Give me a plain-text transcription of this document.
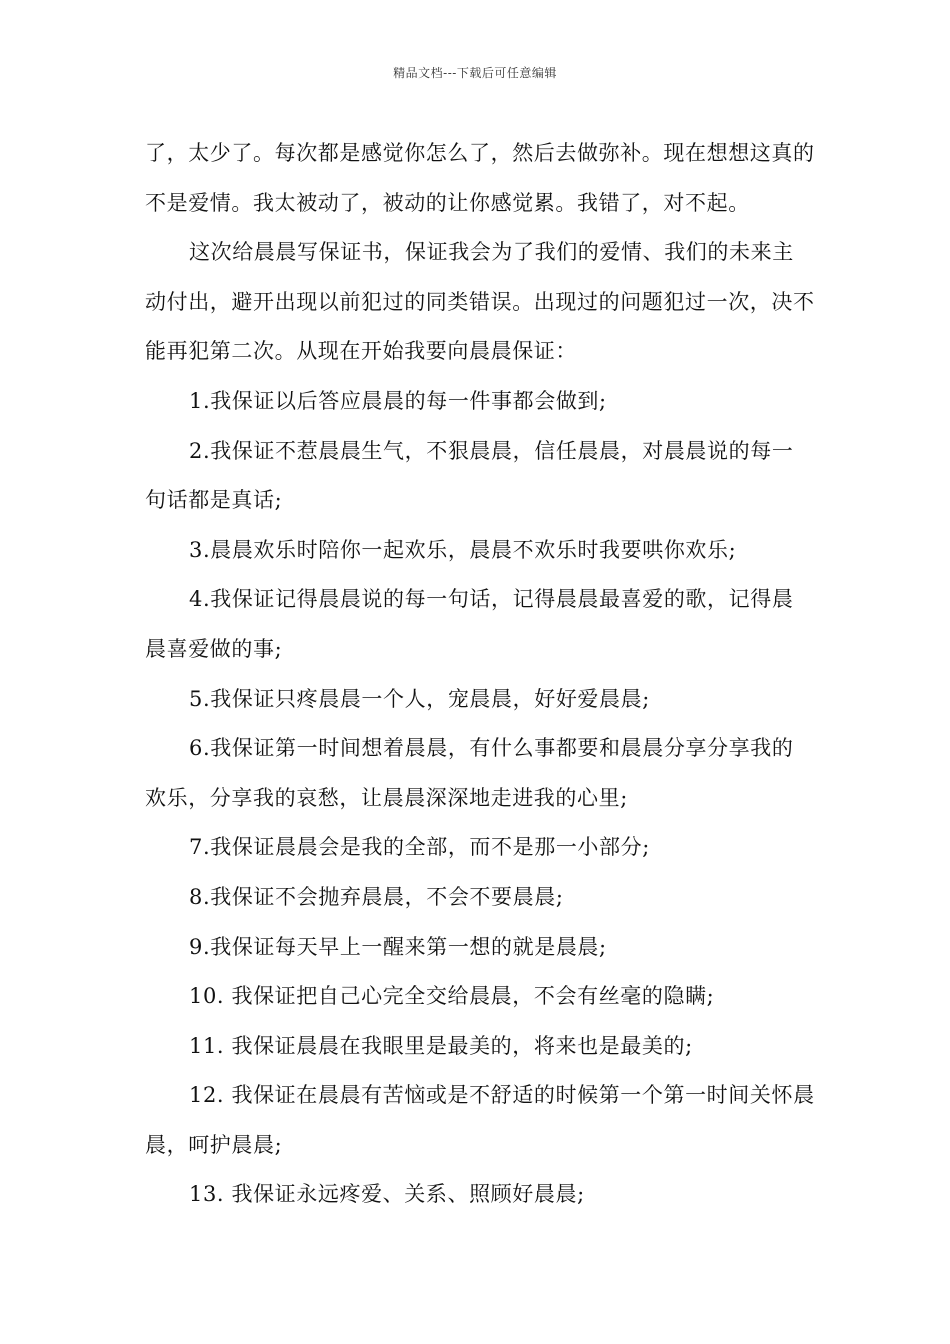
精品文档---下载后可任意编辑

了，太少了。每次都是感觉你怎么了，然后去做弥补。现在想想这真的不是爱情。我太被动了，被动的让你感觉累。我错了，对不起。

这次给晨晨写保证书，保证我会为了我们的爱情、我们的未来主动付出，避开出现以前犯过的同类错误。出现过的问题犯过一次，决不能再犯第二次。从现在开始我要向晨晨保证：

1.我保证以后答应晨晨的每一件事都会做到;

2.我保证不惹晨晨生气，不狠晨晨，信任晨晨，对晨晨说的每一句话都是真话;

3.晨晨欢乐时陪你一起欢乐，晨晨不欢乐时我要哄你欢乐;

4.我保证记得晨晨说的每一句话，记得晨晨最喜爱的歌，记得晨晨喜爱做的事;

5.我保证只疼晨晨一个人，宠晨晨，好好爱晨晨;

6.我保证第一时间想着晨晨，有什么事都要和晨晨分享分享我的欢乐，分享我的哀愁，让晨晨深深地走进我的心里;

7.我保证晨晨会是我的全部，而不是那一小部分;

8.我保证不会抛弃晨晨，不会不要晨晨;

9.我保证每天早上一醒来第一想的就是晨晨;

10. 我保证把自己心完全交给晨晨，不会有丝毫的隐瞒;

11. 我保证晨晨在我眼里是最美的，将来也是最美的;

12. 我保证在晨晨有苦恼或是不舒适的时候第一个第一时间关怀晨晨，呵护晨晨;

13. 我保证永远疼爱、关系、照顾好晨晨;
